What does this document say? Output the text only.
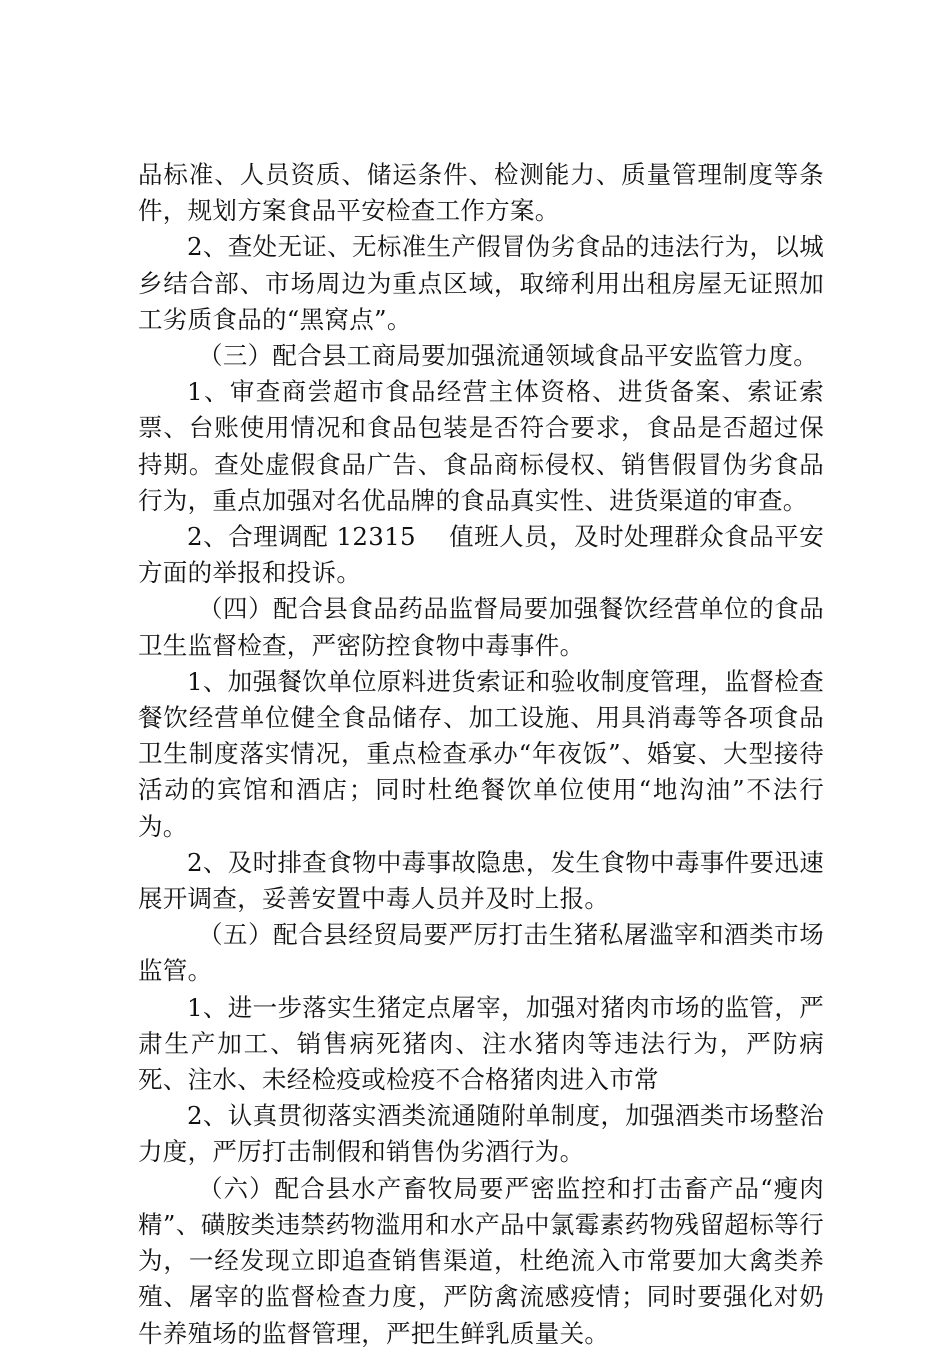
品标准、人员资质、储运条件、检测能力、质量管理制度等条件，规划方案食品平安检查工作方案。

2、查处无证、无标准生产假冒伪劣食品的违法行为，以城乡结合部、市场周边为重点区域，取缔利用出租房屋无证照加工劣质食品的“黑窝点”。

（三）配合县工商局要加强流通领域食品平安监管力度。

1、审查商尝超市食品经营主体资格、进货备案、索证索票、台账使用情况和食品包装是否符合要求，食品是否超过保持期。查处虚假食品广告、食品商标侵权、销售假冒伪劣食品行为，重点加强对名优品牌的食品真实性、进货渠道的审查。

2、合理调配 12315    值班人员，及时处理群众食品平安方面的举报和投诉。

（四）配合县食品药品监督局要加强餐饮经营单位的食品卫生监督检查，严密防控食物中毒事件。

1、加强餐饮单位原料进货索证和验收制度管理，监督检查餐饮经营单位健全食品储存、加工设施、用具消毒等各项食品卫生制度落实情况，重点检查承办“年夜饭”、婚宴、大型接待活动的宾馆和酒店；同时杜绝餐饮单位使用“地沟油”不法行为。

2、及时排查食物中毒事故隐患，发生食物中毒事件要迅速展开调查，妥善安置中毒人员并及时上报。

（五）配合县经贸局要严厉打击生猪私屠滥宰和酒类市场监管。

1、进一步落实生猪定点屠宰，加强对猪肉市场的监管，严肃生产加工、销售病死猪肉、注水猪肉等违法行为，严防病死、注水、未经检疫或检疫不合格猪肉进入市常

2、认真贯彻落实酒类流通随附单制度，加强酒类市场整治力度，严厉打击制假和销售伪劣酒行为。

（六）配合县水产畜牧局要严密监控和打击畜产品“瘦肉精”、磺胺类违禁药物滥用和水产品中氯霉素药物残留超标等行为，一经发现立即追查销售渠道，杜绝流入市常要加大禽类养殖、屠宰的监督检查力度，严防禽流感疫情；同时要强化对奶牛养殖场的监督管理，严把生鲜乳质量关。
